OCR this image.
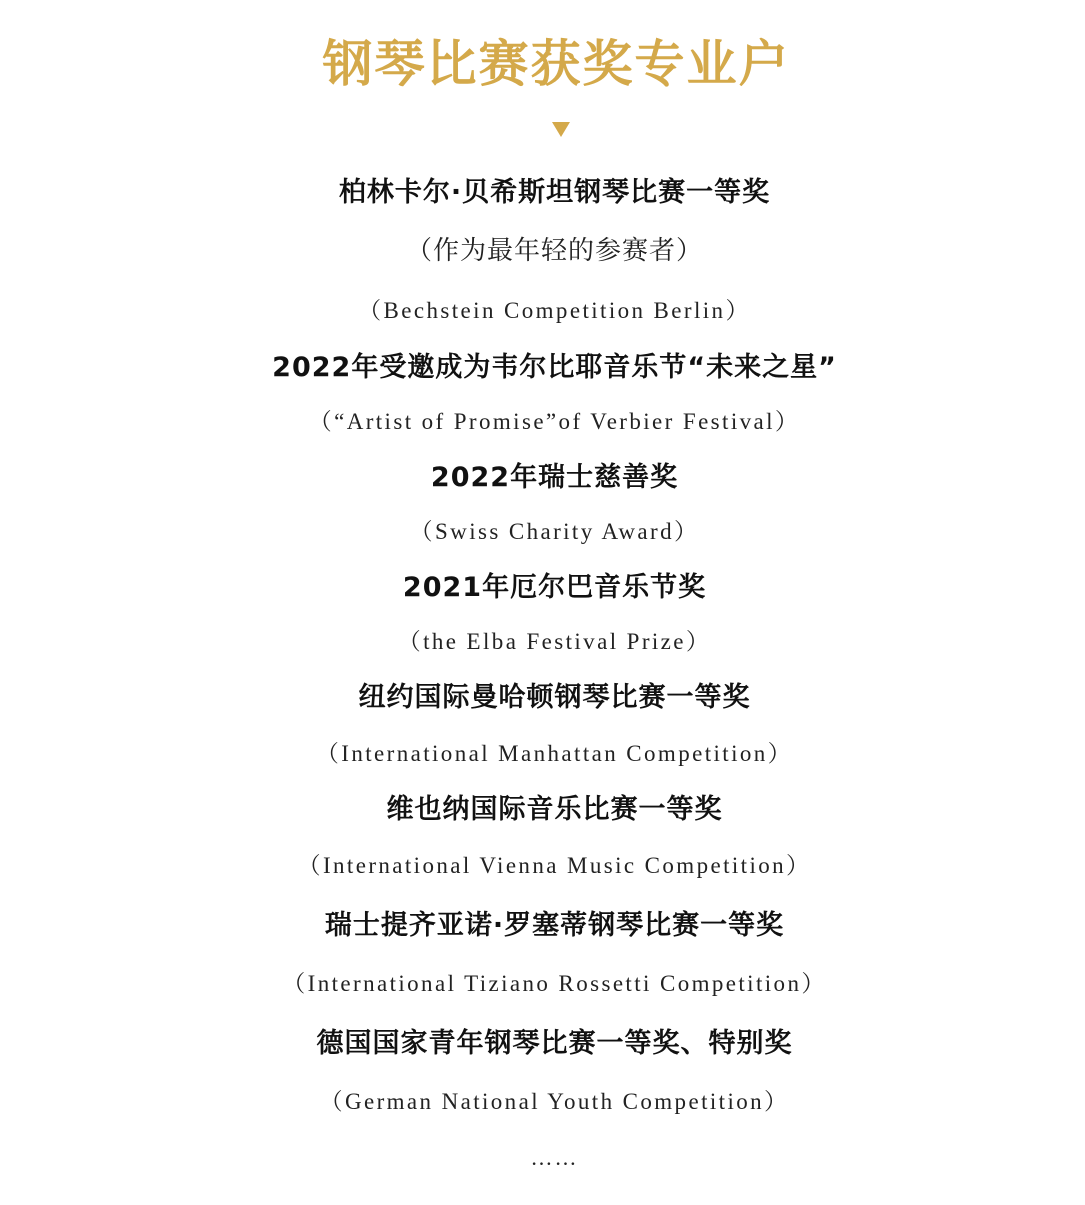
钢琴比赛获奖专业户
柏林卡尔·贝希斯坦钢琴比赛一等奖
（作为最年轻的参赛者）
（Bechstein Competition Berlin）
2022年受邀成为韦尔比耶音乐节“未来之星”
（“Artist of Promise”of Verbier Festival）
2022年瑞士慈善奖
（Swiss Charity Award）
2021年厄尔巴音乐节奖
（the Elba Festival Prize）
纽约国际曼哈顿钢琴比赛一等奖
（International Manhattan Competition）
维也纳国际音乐比赛一等奖
（International Vienna Music Competition）
瑞士提齐亚诺·罗塞蒂钢琴比赛一等奖
（International Tiziano Rossetti Competition）
德国国家青年钢琴比赛一等奖、特别奖
（German National Youth Competition）
……
